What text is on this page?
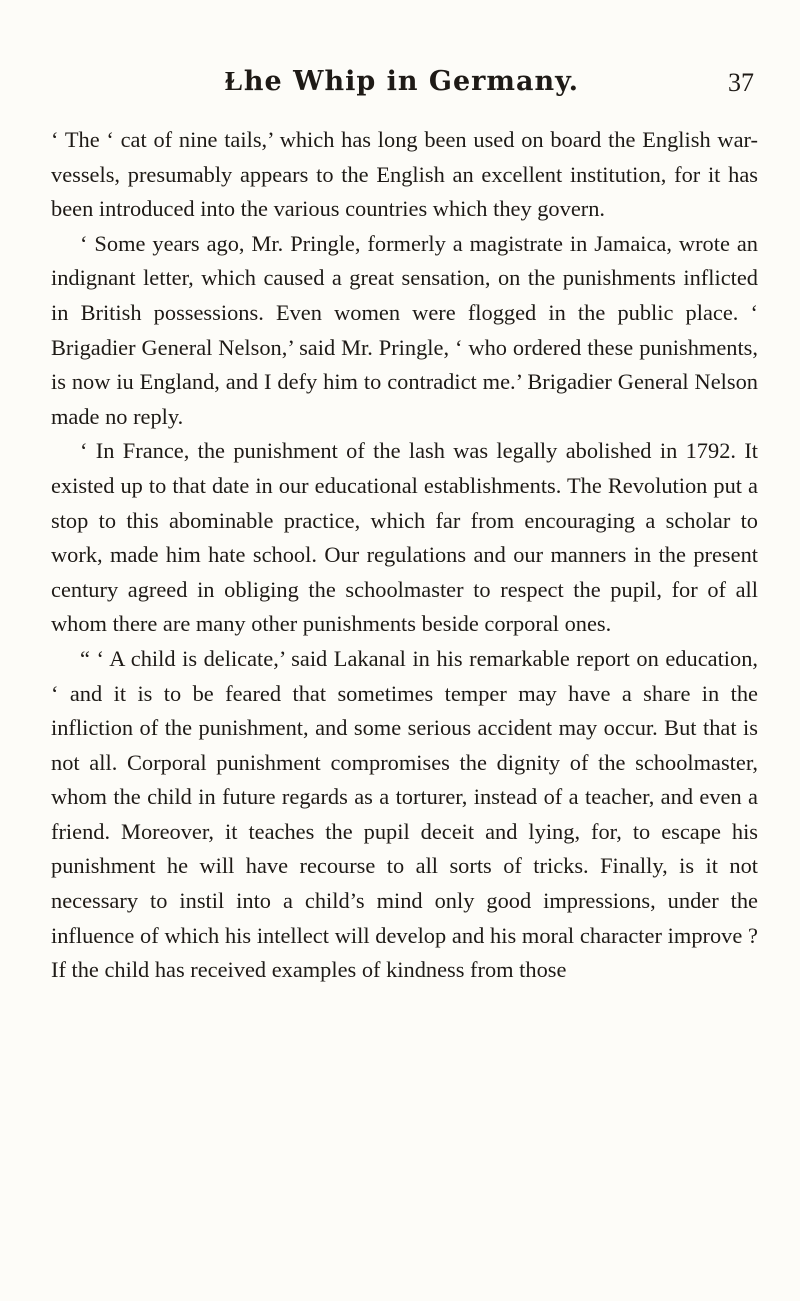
Ɫhe Whip in Germany.	37

‘ The ‘ cat of nine tails,’ which has long been used on board the English war-vessels, presumably appears to the English an excellent institution, for it has been introduced into the various countries which they govern.

‘ Some years ago, Mr. Pringle, formerly a magistrate in Jamaica, wrote an indignant letter, which caused a great sensation, on the punishments inflicted in British possessions. Even women were flogged in the public place. ‘ Brigadier General Nelson,’ said Mr. Pringle, ‘ who ordered these punishments, is now iu England, and I defy him to contradict me.’ Brigadier General Nelson made no reply.

‘ In France, the punishment of the lash was legally abolished in 1792. It existed up to that date in our educational establishments. The Revolution put a stop to this abominable practice, which far from encouraging a scholar to work, made him hate school. Our regulations and our manners in the present century agreed in obliging the schoolmaster to respect the pupil, for of all whom there are many other punishments beside corporal ones.

“ ‘ A child is delicate,’ said Lakanal in his remarkable report on education, ‘ and it is to be feared that sometimes temper may have a share in the infliction of the punishment, and some serious accident may occur. But that is not all. Corporal punishment compromises the dignity of the schoolmaster, whom the child in future regards as a torturer, instead of a teacher, and even a friend. Moreover, it teaches the pupil deceit and lying, for, to escape his punishment he will have recourse to all sorts of tricks. Finally, is it not necessary to instil into a child’s mind only good impressions, under the influence of which his intellect will develop and his moral character improve ? If the child has received examples of kindness from those
